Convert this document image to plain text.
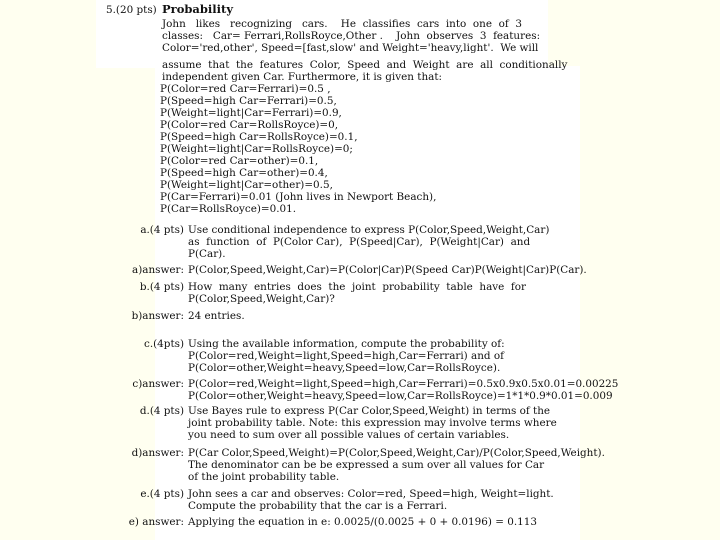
5.(20 pts) Probability
John   likes   recognizing   cars.    He  classifies  cars  into  one  of  3
classes:   Car= Ferrari,RollsRoyce,Other .    John  observes  3  features:
Color='red,other', Speed=[fast,slow' and Weight='heavy,light'.  We will
assume  that  the  features  Color,  Speed  and  Weight  are  all  conditionally
independent given Car. Furthermore, it is given that:
P(Color=red Car=Ferrari)=0.5 ,
P(Speed=high Car=Ferrari)=0.5,
P(Weight=light|Car=Ferrari)=0.9,
P(Color=red Car=RollsRoyce)=0,
P(Speed=high Car=RollsRoyce)=0.1,
P(Weight=light|Car=RollsRoyce)=0;
P(Color=red Car=other)=0.1,
P(Speed=high Car=other)=0.4,
P(Weight=light|Car=other)=0.5,
P(Car=Ferrari)=0.01 (John lives in Newport Beach),
P(Car=RollsRoyce)=0.01.
a.(4 pts) Use conditional independence to express P(Color,Speed,Weight,Car)
as  function  of  P(Color Car),  P(Speed|Car),  P(Weight|Car)  and
P(Car).
a)answer: P(Color,Speed,Weight,Car)=P(Color|Car)P(Speed Car)P(Weight|Car)P(Car).
b.(4 pts) How  many  entries  does  the  joint  probability  table  have  for
P(Color,Speed,Weight,Car)?
b)answer: 24 entries.
c.(4pts) Using the available information, compute the probability of:
P(Color=red,Weight=light,Speed=high,Car=Ferrari) and of
P(Color=other,Weight=heavy,Speed=low,Car=RollsRoyce).
c)answer: P(Color=red,Weight=light,Speed=high,Car=Ferrari)=0.5x0.9x0.5x0.01=0.00225
P(Color=other,Weight=heavy,Speed=low,Car=RollsRoyce)=1*1*0.9*0.01=0.009
d.(4 pts) Use Bayes rule to express P(Car Color,Speed,Weight) in terms of the
joint probability table. Note: this expression may involve terms where
you need to sum over all possible values of certain variables.
d)answer: P(Car Color,Speed,Weight)=P(Color,Speed,Weight,Car)/P(Color,Speed,Weight).
The denominator can be be expressed a sum over all values for Car
of the joint probability table.
e.(4 pts) John sees a car and observes: Color=red, Speed=high, Weight=light.
Compute the probability that the car is a Ferrari.
e) answer: Applying the equation in e: 0.0025/(0.0025 + 0 + 0.0196) = 0.113
